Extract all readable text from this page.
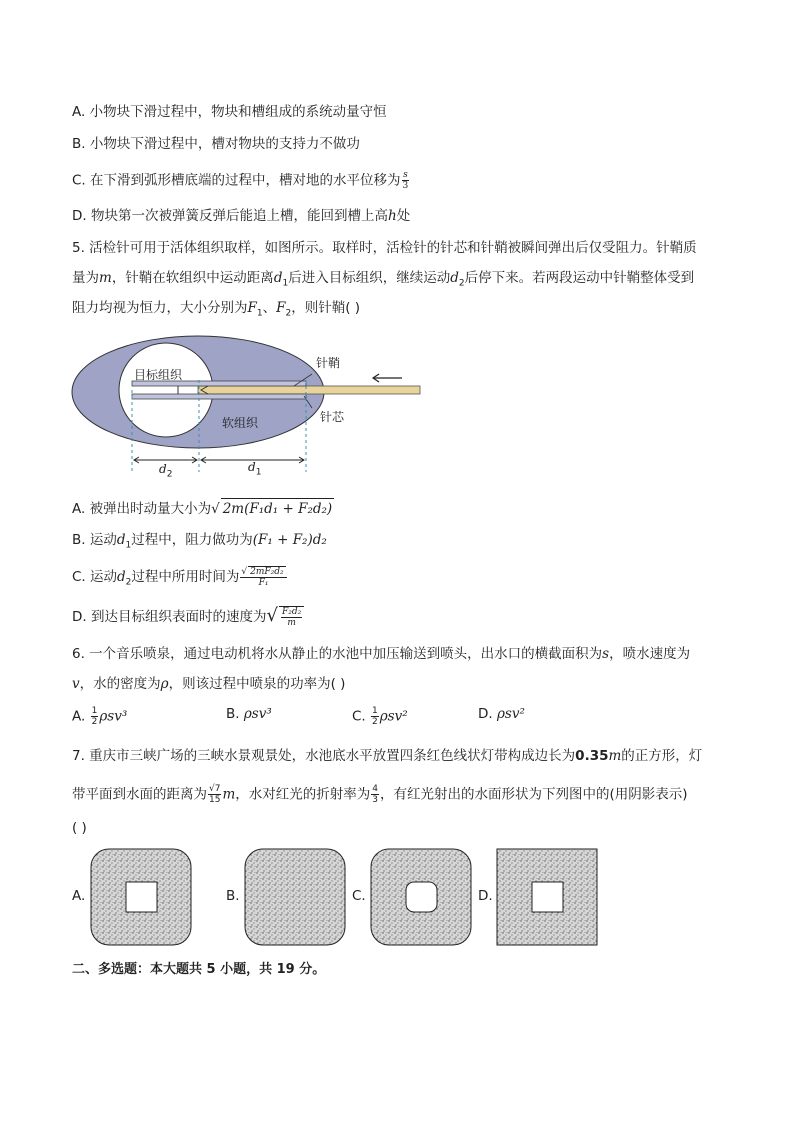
A. 小物块下滑过程中，物块和槽组成的系统动量守恒
B. 小物块下滑过程中，槽对物块的支持力不做功
C. 在下滑到弧形槽底端的过程中，槽对地的水平位移为 $\frac{s}{3}$
D. 物块第一次被弹簧反弹后能追上槽，能回到槽上高h处
5. 活检针可用于活体组织取样，如图所示。取样时，活检针的针芯和针鞘被瞬间弹出后仅受阻力。针鞘质
量为m，针鞘在软组织中运动距离$d_1$后进入目标组织，继续运动$d_2$后停下来。若两段运动中针鞘整体受到
阻力均视为恒力，大小分别为$F_1$、$F_2$，则针鞘( )
目标组织
针鞘
针芯
软组织
$d_2$
$d_1$
A. 被弹出时动量大小为√ 2m(F₁d₁ + F₂d₂)
B. 运动$d_1$过程中，阻力做功为(F₁ + F₂)d₂
C. 运动$d_2$过程中所用时间为 $\frac{\text{√ 2mF₂d₂}}{\text{F₁}}$
D. 到达目标组织表面时的速度为√ $\frac{\text{F₂d₂}}{m}$
6. 一个音乐喷泉，通过电动机将水从静止的水池中加压输送到喷头，出水口的横截面积为s，喷水速度为
v，水的密度为ρ，则该过程中喷泉的功率为( )
A. $\frac{1}{2} \rho sv^3$	B. ρsv³	C. $\frac{1}{2} \rho sv^2$	D. ρsv²
7. 重庆市三峡广场的三峡水景观景处，水池底水平放置四条红色线状灯带构成边长为0.35m的正方形，灯
带平面到水面的距离为 $\frac{√7}{15}$ m，水对红光的折射率为 $\frac{4}{3}$ ，有红光射出的水面形状为下列图中的(用阴影表示)
( )
A.	B.	C.	D.
二、多选题：本大题共 5 小题，共 19 分。
